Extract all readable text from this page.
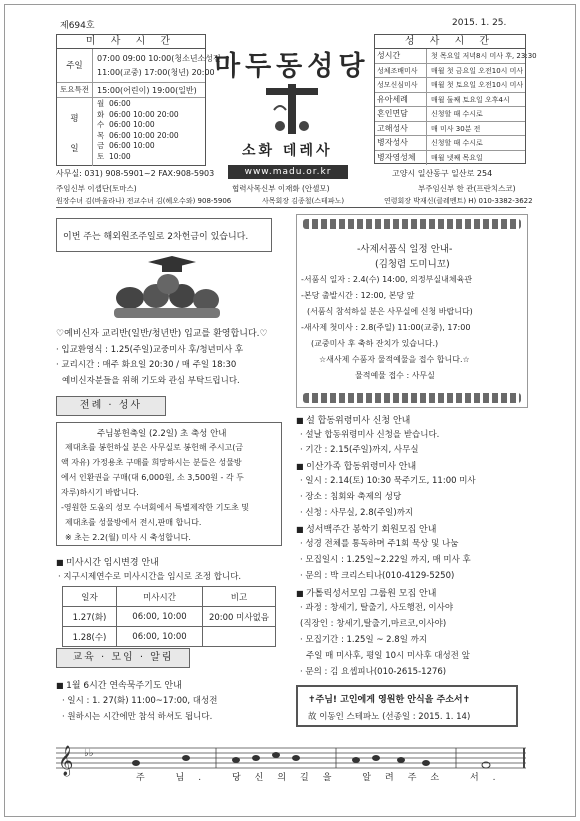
제694호	2015. 1. 25.
미 사 시 간
주일
07:00 09:00 10:00(청소년소성전
11:00(교중) 17:00(청년) 20:00
토요특전	15:00(어린이) 19:00(일반)
평
일
월 06:00
화 06:00 10:00 20:00
수 06:00 10:00
목 06:00 10:00 20:00
금 06:00 10:00
토 10:00
마두동성당
소화 데레사
www.madu.or.kr
성 사 시 간
성시간	첫 목요일 저녁8시 미사 후, 23:30
성체조배미사	매월 첫 금요일 오전10시 미사
성모신심미사	매월 첫 토요일 오전10시 미사
유아세례	매월 둘째 토요일 오후4시
혼인면담	신청할 때 수시로
고해성사	매 미사 30분 전
병자성사	신청할 때 수시로
병자영성체	매월 넷째 목요일
사무실: 031) 908-5901~2 FAX:908-5903	고양시 일산동구 일산로 254
주임신부 이셉단(토마스)	협력사목신부 이재화 (안셀모)	부주임신부 한 관(프란치스코)
원장수녀 김(바울라나) 전교수녀 김(헤오수와) 908-5906	사목회장 김종철(스테파노)	연령회장 박재신(클레멘트) H) 010-3382-3622
이번 주는 해외원조주일로 2차헌금이 있습니다.
♡예비신자 교리반(일반/청년반) 입교를 환영합니다.♡
· 입교환영식 : 1.25(주일)교중미사 후/청년미사 후
· 교리시간 : 매주 화요일 20:30 / 매 주일 18:30
예비신자분들을 위해 기도와 관심 부탁드립니다.
전례 · 성사
주님봉헌축일 (2.2일) 초 축성 안내
제대초를 봉헌하실 분은 사무실로 봉헌해 주시고(금
액 자유) 가정용초 구매를 희망하시는 분들은 성물방
에서 인환권을 구매(대 6,000원, 소 3,500원 - 각 두
자루)하시기 바랍니다.
-영원한 도움의 성모 수녀회에서 특별제작한 기도초 및
제대초를 성물방에서 전시,판매 합니다.
※ 초는 2.2(월) 미사 시 축성합니다.
■ 미사시간 임시변경 안내
· 지구시제연수로 미사시간을 임시로 조정 합니다.
일자	미사시간	비고
1.27(화)	06:00, 10:00	20:00 미사없음
1.28(수)	06:00, 10:00	
교육 · 모임 · 알림
■ 1월 6시간 연속묵주기도 안내
· 일시 : 1. 27(화) 11:00~17:00, 대성전
· 원하시는 시간에만 참석 하셔도 됩니다.
-사제서품식 일정 안내-
(김청렴 도미니꼬)
-서품식 일자 : 2.4(수) 14:00, 의정부실내체육관
-본당 출발시간 : 12:00, 본당 앞
(서품식 참석하실 분은 사무실에 신청 바랍니다)
-새사제 첫미사 : 2.8(주일) 11:00(교중), 17:00
(교중미사 후 축하 잔치가 있습니다.)
☆새사제 수품자 물적예물을 접수 합니다.☆
물적예물 접수 : 사무실
■ 설 합동위령미사 신청 안내
· 설날 합동위령미사 신청을 받습니다.
· 기간 : 2.15(주일)까지, 사무실
■ 이산가족 합동위령미사 안내
· 일시 : 2.14(토) 10:30 묵주기도, 11:00 미사
· 장소 : 침회와 축제의 성당
· 신청 : 사무실, 2.8(주일)까지
■ 성서백주간 봉학기 회원모집 안내
· 성경 전체를 통독하며 주1회 묵상 및 나눔
· 모집일시 : 1.25일~2.22일 까지, 매 미사 후
· 문의 : 박 크리스티나(010-4129-5250)
■ 가톨릭성서모임 그룹원 모집 안내
· 과정 : 창세기, 탈출기, 사도행전, 이사야
(직장인 : 창세기,탈출기,마르코,이사야)
· 모집기간 : 1.25일 ~ 2.8일 까지
주일 매 미사후, 평일 10시 미사후 대성전 앞
· 문의 : 김 요셉피나(010-2615-1276)
✝주님! 고인에게 영원한 안식을 주소서✝
故 이동인 스테파노 (선종일 : 2015. 1. 14)
𝄞 ♭♭
주 님. 당신의길을 알려주소 서.
